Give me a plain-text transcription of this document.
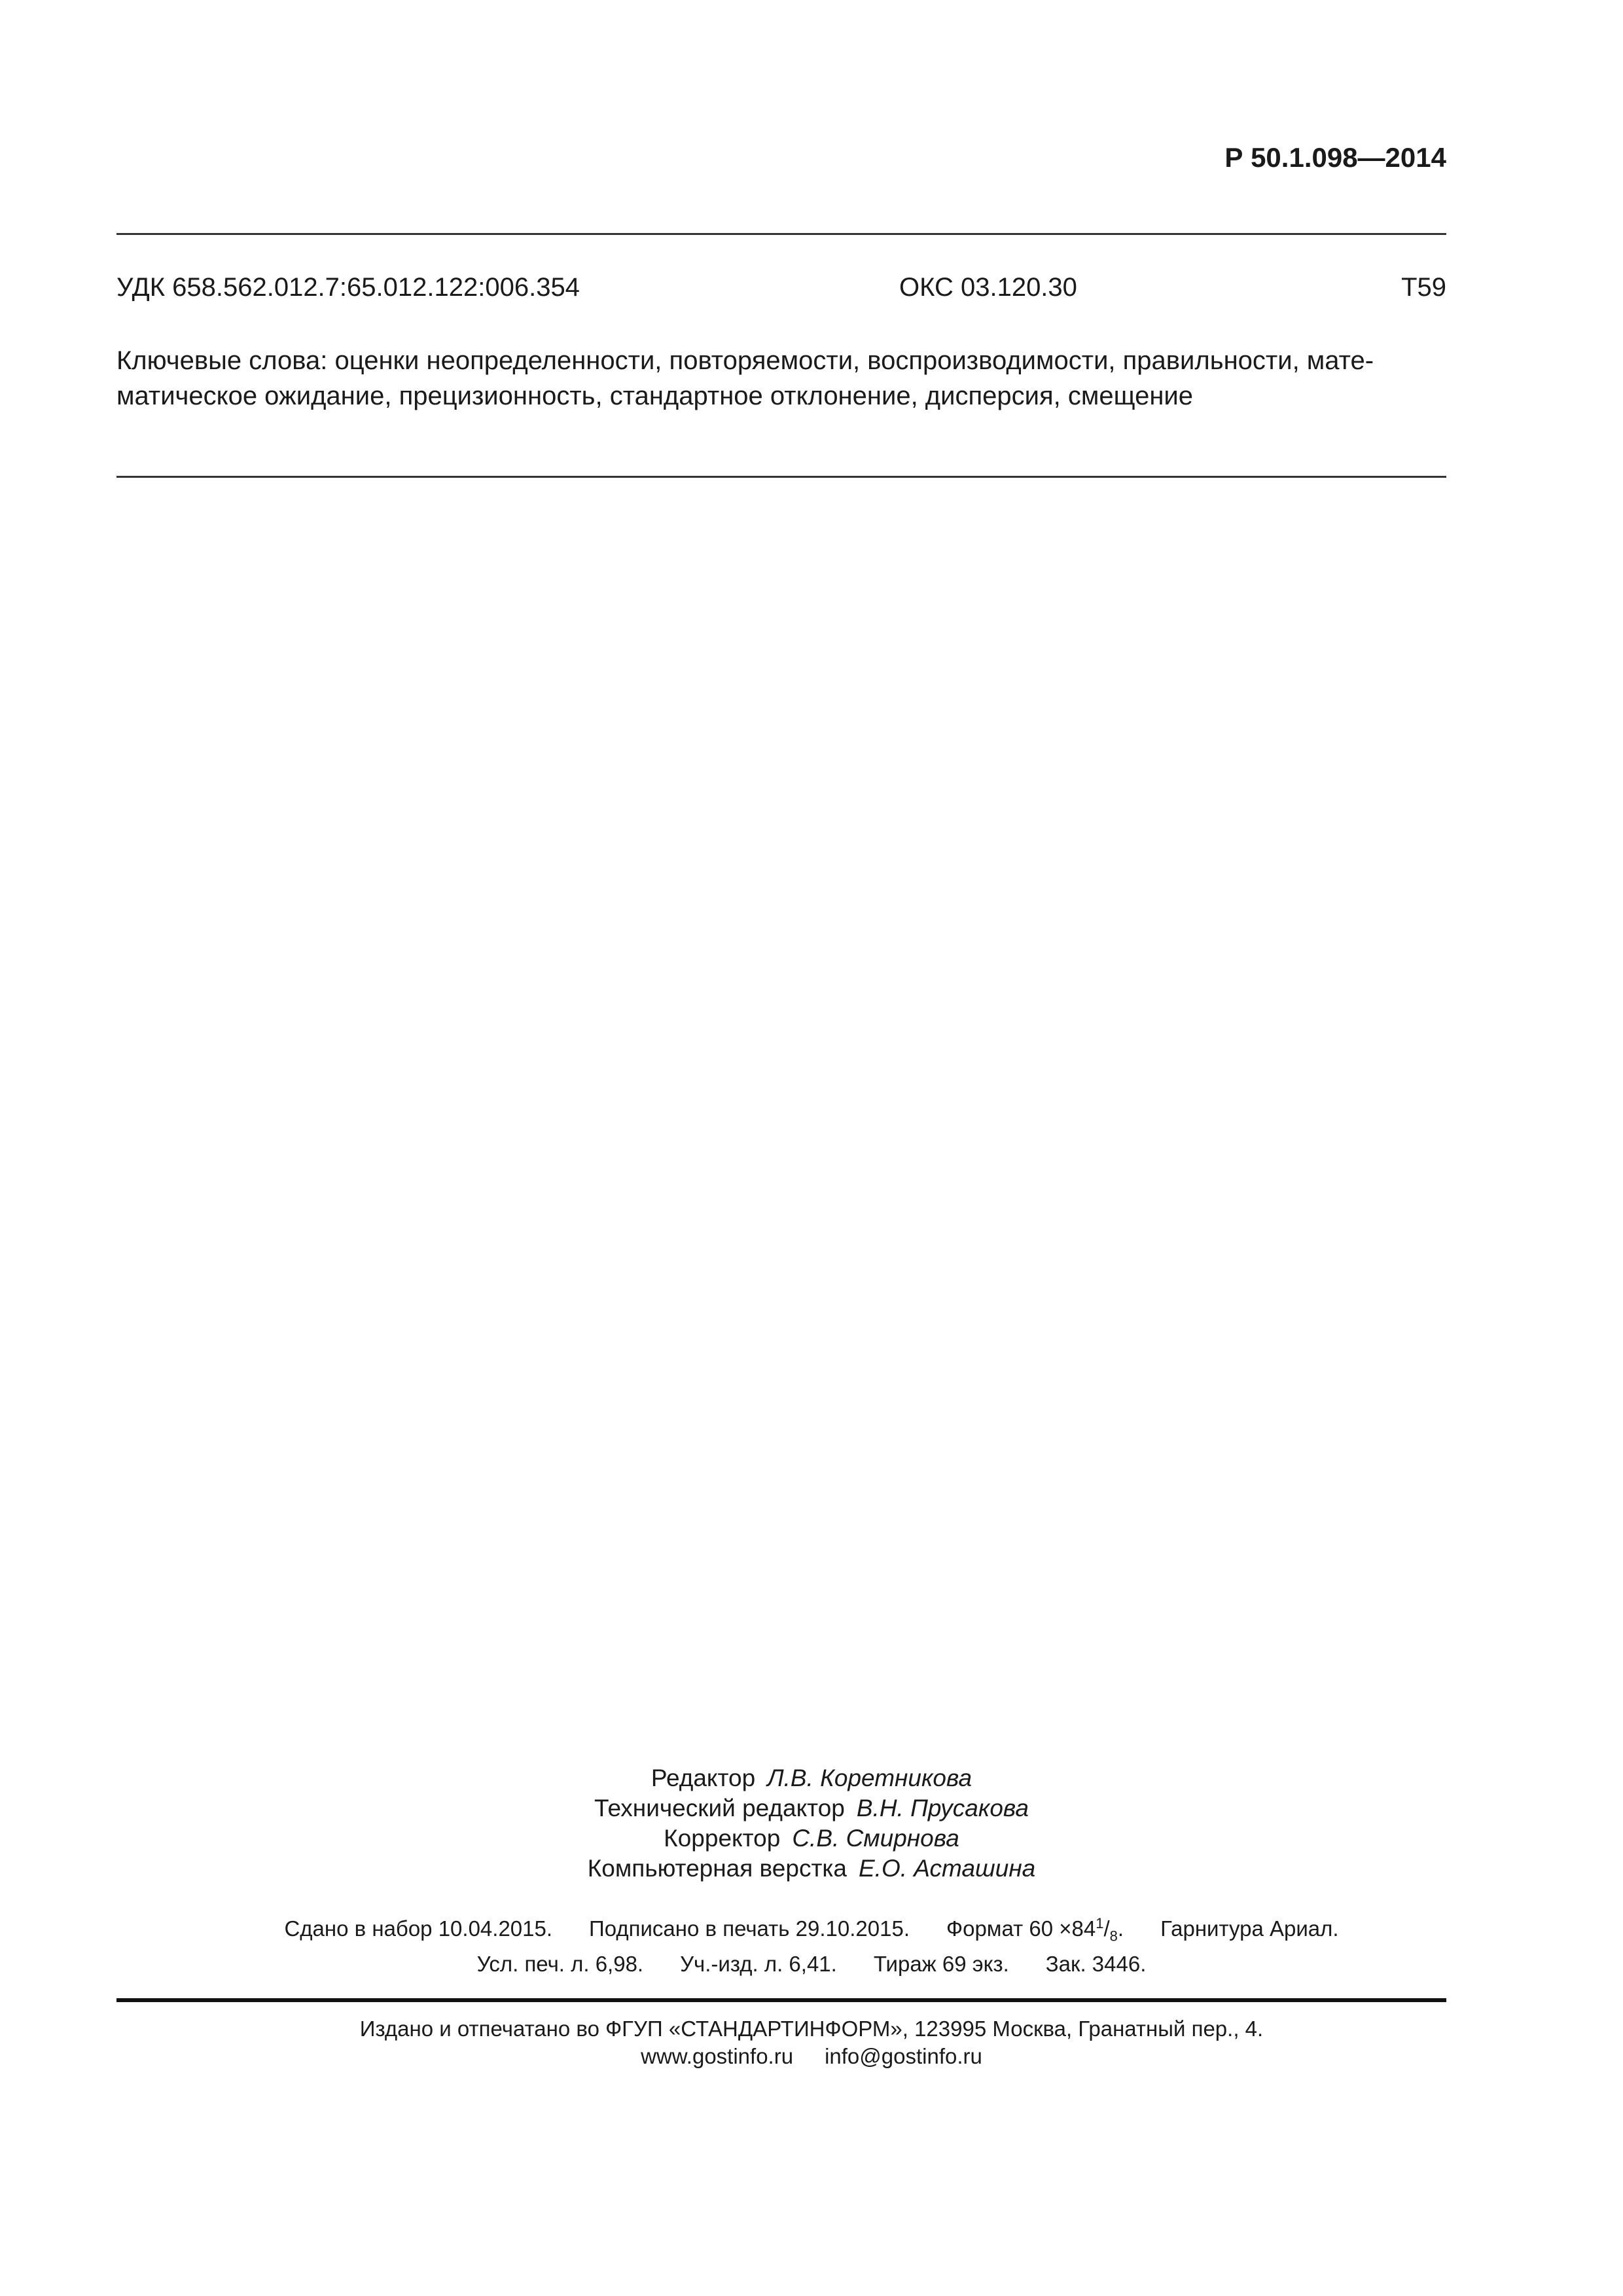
Р 50.1.098—2014
УДК 658.562.012.7:65.012.122:006.354	ОКС 03.120.30	Т59
Ключевые слова: оценки неопределенности, повторяемости, воспроизводимости, правильности, мате-
матическое ожидание, прецизионность, стандартное отклонение, дисперсия, смещение
Редактор Л.В. Коретникова
Технический редактор В.Н. Прусакова
Корректор С.В. Смирнова
Компьютерная верстка Е.О. Асташина
Сдано в набор 10.04.2015. Подписано в печать 29.10.2015. Формат $60 \times 84^1/_8$. Гарнитура Ариал.
Усл. печ. л. 6,98. Уч.-изд. л. 6,41. Тираж 69 экз. Зак. 3446.
Издано и отпечатано во ФГУП «СТАНДАРТИНФОРМ», 123995 Москва, Гранатный пер., 4.
www.gostinfo.ru info@gostinfo.ru
